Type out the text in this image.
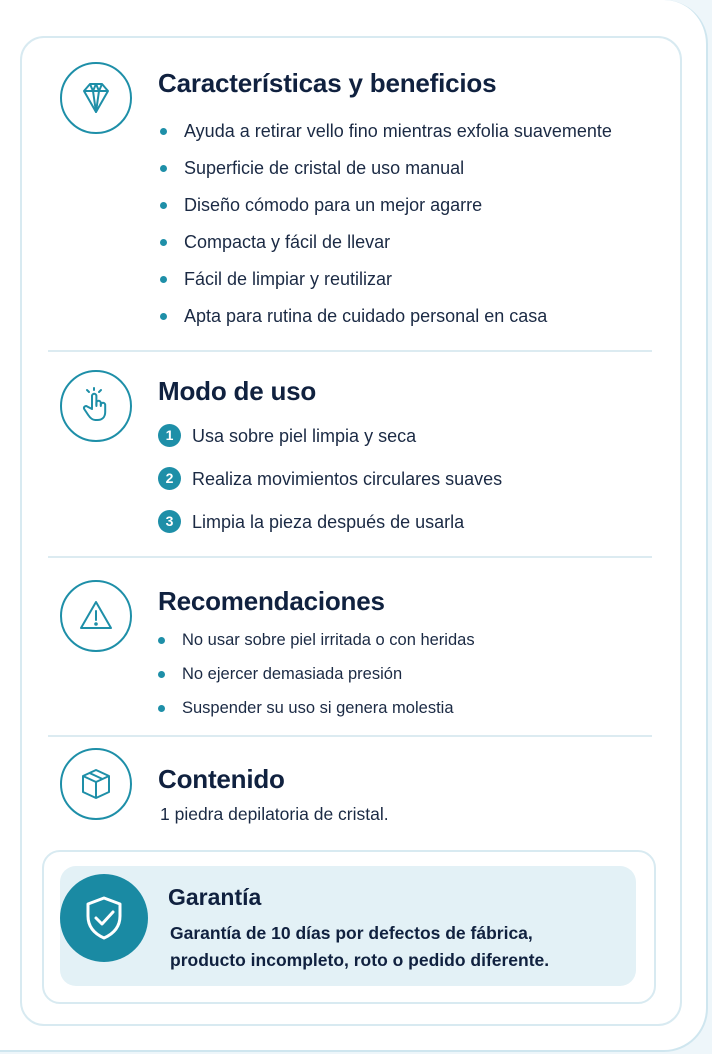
Características y beneficios
Ayuda a retirar vello fino mientras exfolia suavemente
Superficie de cristal de uso manual
Diseño cómodo para un mejor agarre
Compacta y fácil de llevar
Fácil de limpiar y reutilizar
Apta para rutina de cuidado personal en casa
Modo de uso
1	Usa sobre piel limpia y seca
2	Realiza movimientos circulares suaves
3	Limpia la pieza después de usarla
Recomendaciones
No usar sobre piel irritada o con heridas
No ejercer demasiada presión
Suspender su uso si genera molestia
Contenido
1 piedra depilatoria de cristal.
Garantía
Garantía de 10 días por defectos de fábrica,
producto incompleto, roto o pedido diferente.
